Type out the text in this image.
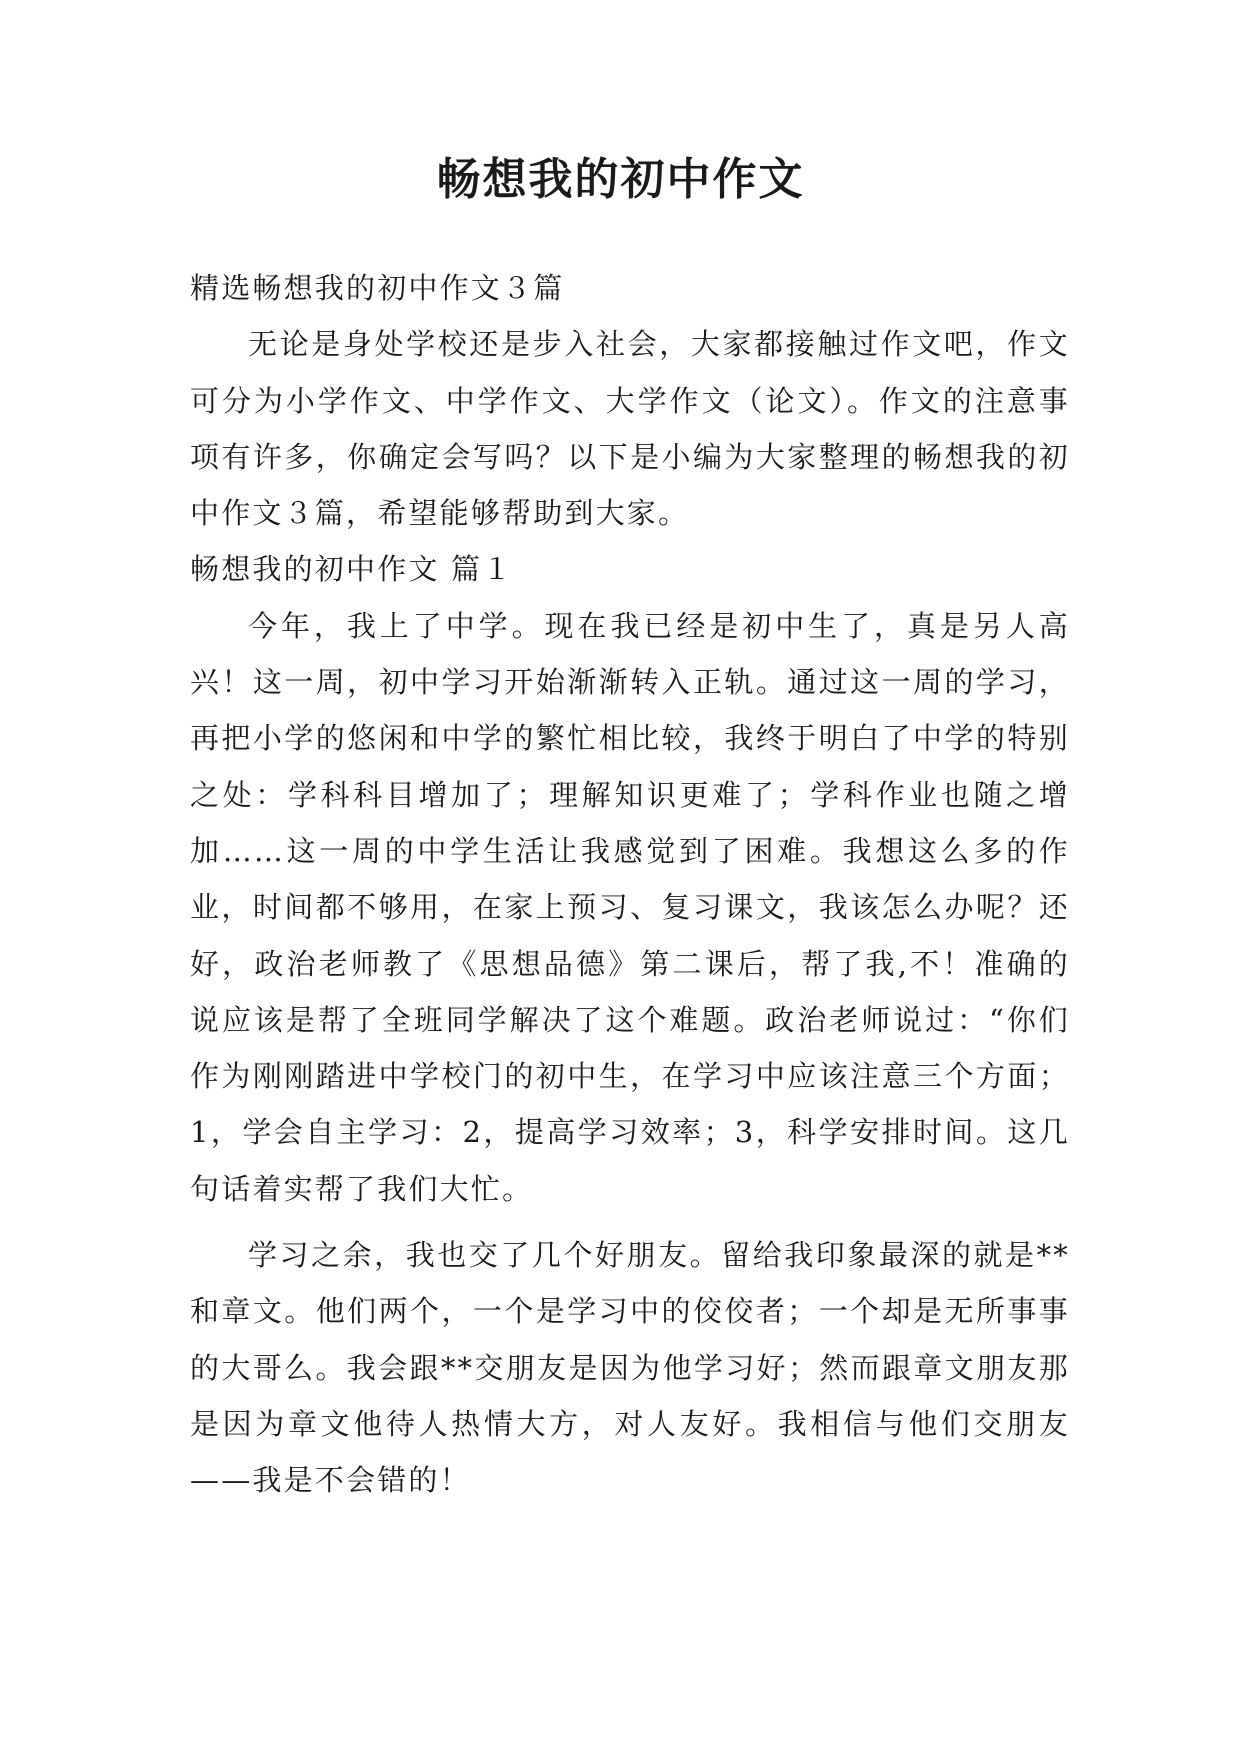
畅想我的初中作文

精选畅想我的初中作文３篇

无论是身处学校还是步入社会，大家都接触过作文吧，作文可分为小学作文、中学作文、大学作文（论文）。作文的注意事项有许多，你确定会写吗？以下是小编为大家整理的畅想我的初中作文３篇，希望能够帮助到大家。

畅想我的初中作文 篇１

今年，我上了中学。现在我已经是初中生了，真是另人高兴！这一周，初中学习开始渐渐转入正轨。通过这一周的学习，再把小学的悠闲和中学的繁忙相比较，我终于明白了中学的特别之处：学科科目增加了；理解知识更难了；学科作业也随之增加……这一周的中学生活让我感觉到了困难。我想这么多的作业，时间都不够用，在家上预习、复习课文，我该怎么办呢？还好，政治老师教了《思想品德》第二课后，帮了我,不！准确的说应该是帮了全班同学解决了这个难题。政治老师说过：“你们作为刚刚踏进中学校门的初中生，在学习中应该注意三个方面；1，学会自主学习：2，提高学习效率；3，科学安排时间。这几句话着实帮了我们大忙。

学习之余，我也交了几个好朋友。留给我印象最深的就是**和章文。他们两个，一个是学习中的佼佼者；一个却是无所事事的大哥么。我会跟**交朋友是因为他学习好；然而跟章文朋友那是因为章文他待人热情大方，对人友好。我相信与他们交朋友——我是不会错的！
